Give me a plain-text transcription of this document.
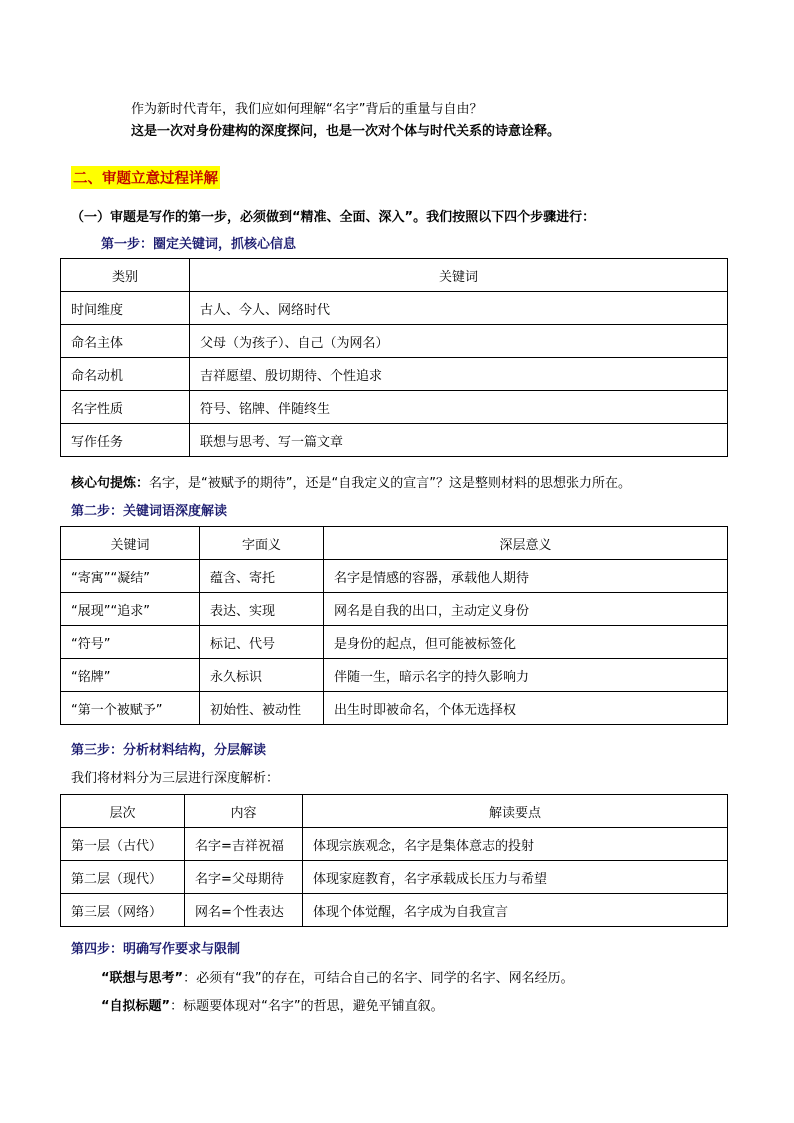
作为新时代青年，我们应如何理解“名字”背后的重量与自由？
这是一次对身份建构的深度探问，也是一次对个体与时代关系的诗意诠释。
二、审题立意过程详解
（一）审题是写作的第一步，必须做到“精准、全面、深入”。我们按照以下四个步骤进行：
第一步：圈定关键词，抓核心信息
类别	关键词
时间维度	古人、今人、网络时代
命名主体	父母（为孩子）、自己（为网名）
命名动机	吉祥愿望、殷切期待、个性追求
名字性质	符号、铭牌、伴随终生
写作任务	联想与思考、写一篇文章
核心句提炼：名字，是“被赋予的期待”，还是“自我定义的宣言”？这是整则材料的思想张力所在。
第二步：关键词语深度解读
关键词	字面义	深层意义
“寄寓”“凝结”	蕴含、寄托	名字是情感的容器，承载他人期待
“展现”“追求”	表达、实现	网名是自我的出口，主动定义身份
“符号”	标记、代号	是身份的起点，但可能被标签化
“铭牌”	永久标识	伴随一生，暗示名字的持久影响力
“第一个被赋予”	初始性、被动性	出生时即被命名，个体无选择权
第三步：分析材料结构，分层解读
我们将材料分为三层进行深度解析：
层次	内容	解读要点
第一层（古代）	名字=吉祥祝福	体现宗族观念，名字是集体意志的投射
第二层（现代）	名字=父母期待	体现家庭教育，名字承载成长压力与希望
第三层（网络）	网名=个性表达	体现个体觉醒，名字成为自我宣言
第四步：明确写作要求与限制
“联想与思考”：必须有“我”的存在，可结合自己的名字、同学的名字、网名经历。
“自拟标题”：标题要体现对“名字”的哲思，避免平铺直叙。
